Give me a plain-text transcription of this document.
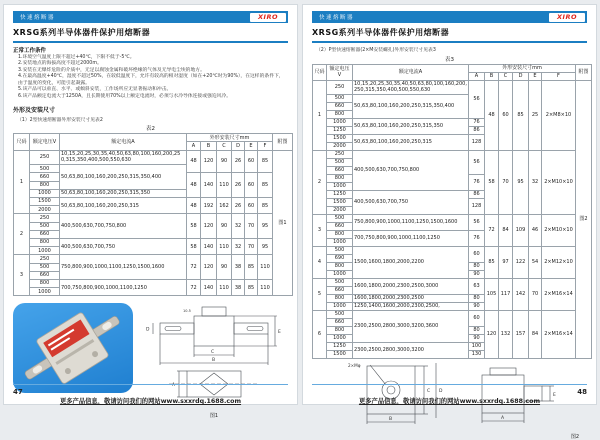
快速熔断器	XIRO
XRSG系列半导体器件保护用熔断器
正常工作条件
1.环境空气温度上限不超过+40℃，下限不低于-5℃。
2.安装地点的海拔高度不超过2000m。
3.安装在无爆炸危险的介质中，无足以腐蚀金属和破坏绝缘的气体及无导电尘埃的地方。
4.在最高温度+40℃，湿度不超过50%，在较低温度下，允许有较高的相对湿度（如在+20℃时为90%），在这样的条件下，由于温度的变化，可能引起凝露。
5.该产品可以垂直、水平、或倾斜安装，工作场所应无显著振动和冲击。
6.该产品额定电流大于1250A，且长期使用70%以上额定电流时，必须与水冷导体连接或强迫风冷。
外形及安装尺寸
（1）2型快速熔断器外形安装尺寸见表2
表2
尺码	额定电压V	额定电流A	外形安装尺寸mm						附图
			A	B	C	D	E	F	
1	250	10,15,20,25,30,35,40,50,63,80,100,160,200,250,315,350,400,500,550,630	48	120	90	26	60	85	图1
	500	50,63,80,100,160,200,250,315,350,400							
	660		48	140	110	26	60	85	
	800								
	1000	50,63,80,100,160,200,250,315,350							
	1500	50,63,80,100,160,200,250,315	48	192	162	26	60	85	
	2000								
2	250	400,500,630,700,750,800	58	120	90	32	70	95	
	500								
	660								
	800	400,500,630,700,750	58	140	110	32	70	95	
	1000								
3	250	750,800,900,1000,1100,1250,1500,1600	72	120	90	38	85	110	
	500								
	660								
	800	700,750,800,900,1000,1100,1250	72	140	110	38	85	110	
	1000								
C
B
E
D
10.5
A
图1
47
更多产品信息，敬请访问我们的网站www.sxxrdq.1688.com
快速熔断器	XIRO
XRSG系列半导体器件保护用熔断器
（2）P型快速熔断器(2×M安装螺孔)外形安装尺寸见表3
表3
尺码	额定电压V	额定电流A	外形安装尺寸mm						附图
			A	B	C	D	E	F	
1	250	10,15,20,25,30,35,40,50,63,80,100,160,200,250,315,350,400,500,550,630	56	48	60	85	25	2×M8×10	图2
	500	50,63,80,100,160,200,250,315,350,400							
	660								
	800								
	1000	50,63,80,100,160,200,250,315,350	76						
	1250		86						
	1500	50,63,80,100,160,200,250,315	128						
	2000								
2	250	400,500,630,700,750,800	56	58	70	95	32	2×M10×10	
	500								
	660								
	800		76						
	1000								
	1250	400,500,630,700,750	86						
	1500		128						
	2000								
3	500	750,800,900,1000,1100,1250,1500,1600	56	72	84	109	46	2×M10×10	
	660								
	800	700,750,800,900,1000,1100,1250	76						
	1000								
4	500	1500,1600,1800,2000,2200	60	85	97	122	54	2×M12×10	
	690								
	800		80						
	1000		90						
5	500	1600,1800,2000,2300,2500,3000	63	105	117	142	70	2×M16×14	
	660								
	800	1600,1800,2000,2300,2500	80						
	1000	1250,1400,1600,2000,2300,2500,	90						
6	500	2300,2500,2800,3000,3200,3600	60	120	132	157	84	2×M16×14	
	660								
	800		80						
	1000		90						
	1250	2300,2500,2800,3000,3200	100						
	1500		130						
2×Mφ
B
C D
A
E
图2
48
更多产品信息，敬请访问我们的网站www.sxxrdq.1688.com
